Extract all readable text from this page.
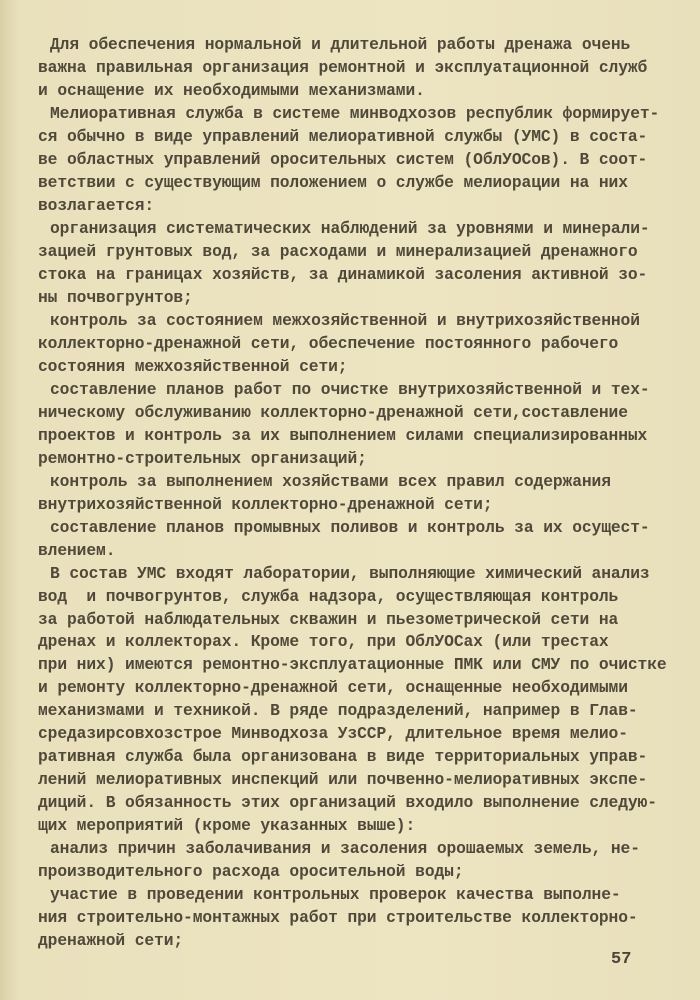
Для обеспечения нормальной и длительной работы дренажа очень
важна правильная организация ремонтной и эксплуатационной служб
и оснащение их необходимыми механизмами.
Мелиоративная служба в системе минводхозов республик формирует-
ся обычно в виде управлений мелиоративной службы (УМС) в соста-
ве областных управлений оросительных систем (ОблУОСов). В соот-
ветствии с существующим положением о службе мелиорации на них
возлагается:
организация систематических наблюдений за уровнями и минерали-
зацией грунтовых вод, за расходами и минерализацией дренажного
стока на границах хозяйств, за динамикой засоления активной зо-
ны почвогрунтов;
контроль за состоянием межхозяйственной и внутрихозяйственной
коллекторно-дренажной сети, обеспечение постоянного рабочего
состояния межхозяйственной сети;
составление планов работ по очистке внутрихозяйственной и тех-
ническому обслуживанию коллекторно-дренажной сети,составление
проектов и контроль за их выполнением силами специализированных
ремонтно-строительных организаций;
контроль за выполнением хозяйствами всех правил содержания
внутрихозяйственной коллекторно-дренажной сети;
составление планов промывных поливов и контроль за их осущест-
влением.
В состав УМС входят лаборатории, выполняющие химический анализ
вод  и почвогрунтов, служба надзора, осуществляющая контроль
за работой наблюдательных скважин и пьезометрической сети на
дренах и коллекторах. Кроме того, при ОблУОСах (или трестах
при них) имеются ремонтно-эксплуатационные ПМК или СМУ по очистке
и ремонту коллекторно-дренажной сети, оснащенные необходимыми
механизмами и техникой. В ряде подразделений, например в Глав-
средазирсовхозстрое Минводхоза УзССР, длительное время мелио-
ративная служба была организована в виде территориальных управ-
лений мелиоративных инспекций или почвенно-мелиоративных экспе-
диций. В обязанность этих организаций входило выполнение следую-
щих мероприятий (кроме указанных выше):
анализ причин заболачивания и засоления орошаемых земель, не-
производительного расхода оросительной воды;
участие в проведении контрольных проверок качества выполне-
ния строительно-монтажных работ при строительстве коллекторно-
дренажной сети;
57
